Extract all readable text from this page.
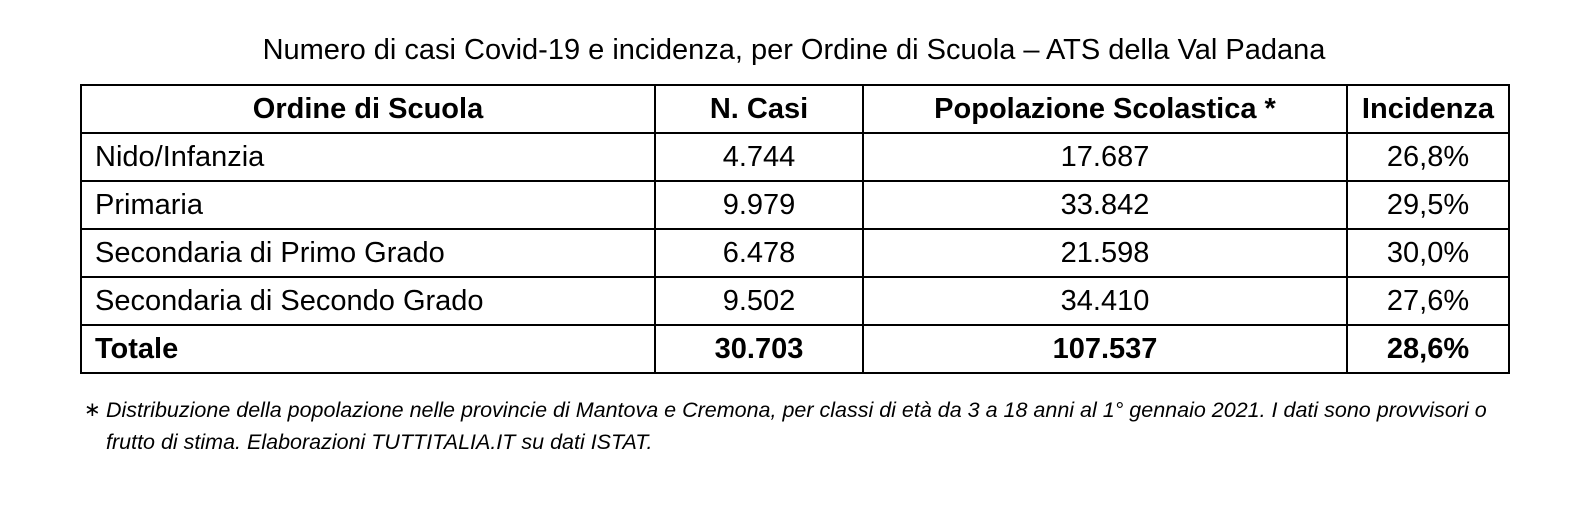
Numero di casi Covid-19 e incidenza, per Ordine di Scuola – ATS della Val Padana
Ordine di Scuola	N. Casi	Popolazione Scolastica *	Incidenza
Nido/Infanzia	4.744	17.687	26,8%
Primaria	9.979	33.842	29,5%
Secondaria di Primo Grado	6.478	21.598	30,0%
Secondaria di Secondo Grado	9.502	34.410	27,6%
Totale	30.703	107.537	28,6%
∗ Distribuzione della popolazione nelle provincie di Mantova e Cremona, per classi di età da 3 a 18 anni al 1° gennaio 2021. I dati sono provvisori o frutto di stima. Elaborazioni TUTTITALIA.IT su dati ISTAT.
